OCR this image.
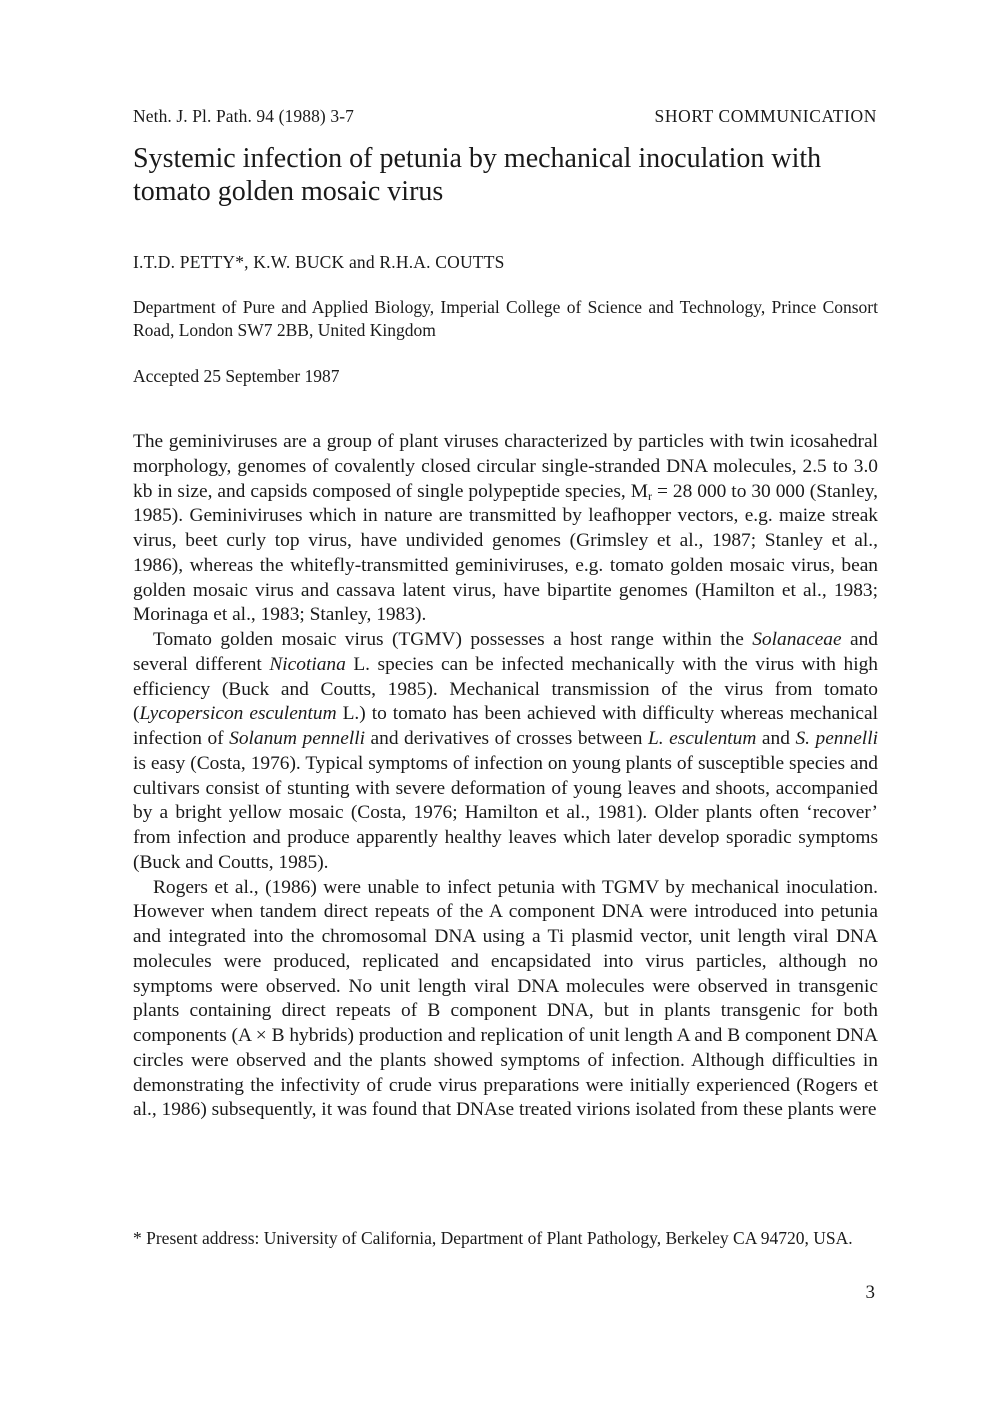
Neth. J. Pl. Path. 94 (1988) 3-7	SHORT COMMUNICATION
Systemic infection of petunia by mechanical inoculation with tomato golden mosaic virus
I.T.D. PETTY*, K.W. BUCK and R.H.A. COUTTS
Department of Pure and Applied Biology, Imperial College of Science and Technology, Prince Consort Road, London SW7 2BB, United Kingdom
Accepted 25 September 1987

The geminiviruses are a group of plant viruses characterized by particles with twin icosahedral morphology, genomes of covalently closed circular single-stranded DNA molecules, 2.5 to 3.0 kb in size, and capsids composed of single polypeptide species, $M_r = 28$ 000 to 30 000 (Stanley, 1985). Geminiviruses which in nature are transmitted by leafhopper vectors, e.g. maize streak virus, beet curly top virus, have undivided genomes (Grimsley et al., 1987; Stanley et al., 1986), whereas the whitefly-transmitted geminiviruses, e.g. tomato golden mosaic virus, bean golden mosaic virus and cassava latent virus, have bipartite genomes (Hamilton et al., 1983; Morinaga et al., 1983; Stanley, 1983).

Tomato golden mosaic virus (TGMV) possesses a host range within the Solanaceae and several different Nicotiana L. species can be infected mechanically with the virus with high efficiency (Buck and Coutts, 1985). Mechanical transmission of the virus from tomato (Lycopersicon esculentum L.) to tomato has been achieved with difficulty whereas mechanical infection of Solanum pennelli and derivatives of crosses between L. esculentum and S. pennelli is easy (Costa, 1976). Typical symptoms of infection on young plants of susceptible species and cultivars consist of stunting with severe deformation of young leaves and shoots, accompanied by a bright yellow mosaic (Costa, 1976; Hamilton et al., 1981). Older plants often ‘recover’ from infection and produce apparently healthy leaves which later develop sporadic symptoms (Buck and Coutts, 1985).

Rogers et al., (1986) were unable to infect petunia with TGMV by mechanical inoculation. However when tandem direct repeats of the A component DNA were introduced into petunia and integrated into the chromosomal DNA using a Ti plasmid vector, unit length viral DNA molecules were produced, replicated and encapsidated into virus particles, although no symptoms were observed. No unit length viral DNA molecules were observed in transgenic plants containing direct repeats of B component DNA, but in plants transgenic for both components (A × B hybrids) production and replication of unit length A and B component DNA circles were observed and the plants showed symptoms of infection. Although difficulties in demonstrating the infectivity of crude virus preparations were initially experienced (Rogers et al., 1986) subsequently, it was found that DNAse treated virions isolated from these plants were

* Present address: University of California, Department of Plant Pathology, Berkeley CA 94720, USA.
3
